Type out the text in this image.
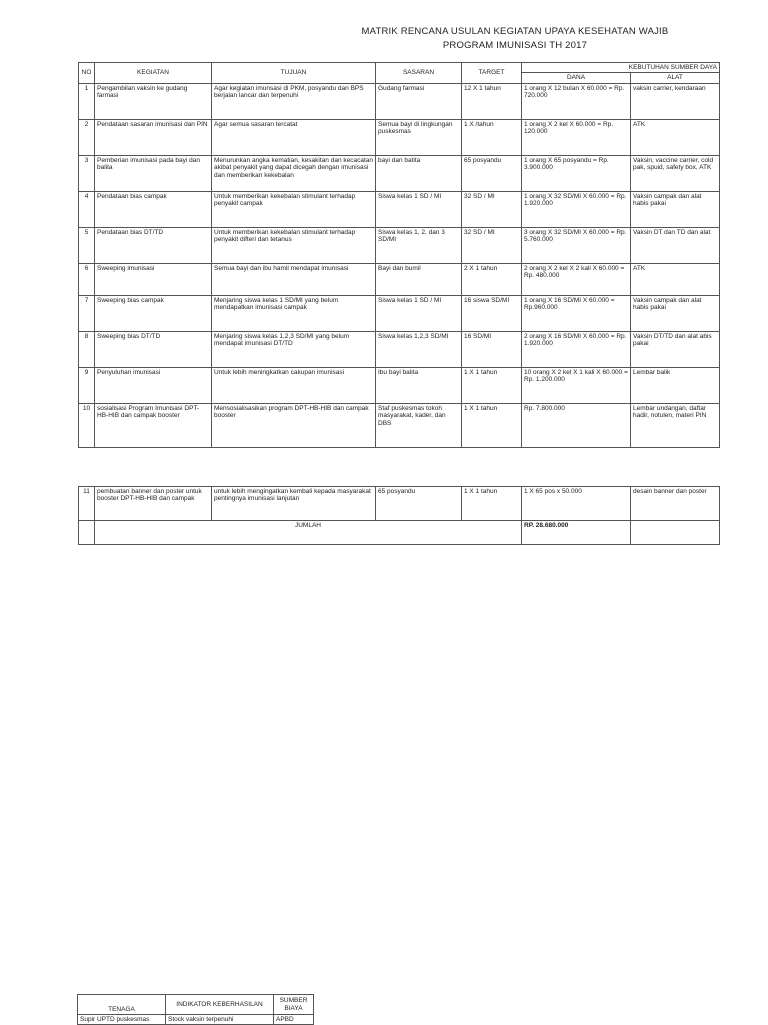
MATRIK RENCANA USULAN KEGIATAN UPAYA KESEHATAN WAJIB
PROGRAM IMUNISASI TH 2017
NO	KEGIATAN	TUJUAN	SASARAN	TARGET	KEBUTUHAN SUMBER DAYA	
					DANA	ALAT
1	Pengambilan vaksin ke gudang farmasi	Agar kegiatan imunsasi di PKM, posyandu dan BPS berjalan lancar dan terpenuhi	Gudang farmasi	12 X 1 tahun	1 orang X 12 bulan X 60.000 = Rp. 720.000	vaksin carrier, kendaraan
2	Pendataan sasaran imunisasi dan PIN	Agar semua sasaran tercatat	Semua bayi di lingkungan puskesmas	1 X /tahun	1 orang X 2 kel X 60.000 = Rp. 120.000	ATK
3	Pemberian imunisasi pada bayi dan balita	Menurunkan angka kematian, kesakitan dan kecacatan akibat penyakit yang dapat dicegah dengan imunisasi dan memberikan kekebalan	bayi dan batita	65 posyandu	1 orang X 65 posyandu = Rp. 3.900.000	Vaksin, vaccine carrier, cold pak, spuid, safety box, ATK
4	Pendataan bias campak	Untuk memberikan kekebalan stimulant terhadap penyakit campak	Siswa kelas 1 SD / MI	32 SD / MI	1 orang X 32 SD/MI X 60.000 = Rp. 1.920.000	Vaksin campak dan alat habis pakai
5	Pendataan bias DT/TD	Untuk memberikan kekebalan stimulant terhadap penyakit difteri dan tetanus	Siswa kelas 1, 2, dan 3 SD/MI	32 SD / MI	3 orang X 32 SD/MI X 60.000 = Rp. 5.760.000	Vaksin DT dan TD dan alat
6	Sweeping imunisasi	Semua bayi dan ibu hamil mendapat imunisasi	Bayi dan bumil	2 X 1 tahun	2 orang X 2 kel X 2 kali X 60.000 = Rp. 480.000	ATK
7	Sweeping bias campak	Menjaring siswa kelas 1 SD/MI yang belum mendapatkan imunisasi campak	Siswa kelas 1 SD / MI	16 siswa SD/MI	1 orang X 16 SD/MI X 60.000 = Rp.960.000	Vaksin campak dan alat habis pakai
8	Sweeping bias DT/TD	Menjaring siswa kelas 1,2,3 SD/MI yang belum mendapat imunisasi DT/TD	Siswa kelas 1,2,3 SD/MI	16 SD/MI	2 orang X 16 SD/MI X 60.000 = Rp. 1.920.000	Vaksin DT/TD dan alat abis pakai
9	Penyuluhan imunisasi	Untuk lebih meningkatkan cakupan imunisasi	Ibu bayi balita	1 X 1 tahun	10 orang X 2 kel X 1 kali X 60.000 = Rp. 1.200.000	Lembar balik
10	sosialisasi Program Imunisasi DPT-HB-HIB dan campak booster	Mensosialisasikan program DPT-HB-HIB dan campak booster	Staf puskesmas tokoh masyarakat, kader, dan DBS	1 X 1 tahun	Rp. 7.800.000	Lembar undangan, daftar hadir, notulen, materi PIN
11	pembuatan banner dan poster untuk booster DPT-HB-HIB dan campak	untuk lebih mengingatkan kembali kepada masyarakat pentingnya imunisasi lanjutan	65 posyandu	1 X 1 tahun	1 X 65 pos x 50.000	desain banner dan poster
	JUMLAH				RP. 28.680.000	
TENAGA	INDIKATOR KEBERHASILAN	SUMBER BIAYA

Supir UPTD puskesmas	Stock vaksin terpenuhi	APBD
